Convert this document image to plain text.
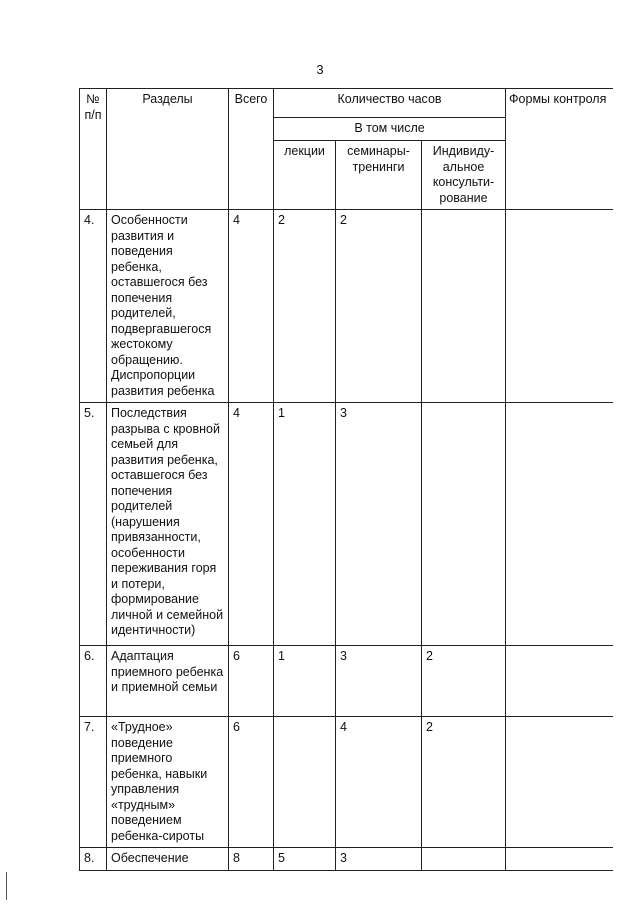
3
№ п/п	Разделы	Всего	Количество часов			Формы контроля
			В том числе			
			лекции	семинары-тренинги	Индивиду-альное консульти-рование	
4.	Особенности развития и поведения ребенка, оставшегося без попечения родителей, подвергавшегося жестокому обращению. Диспропорции развития ребенка	4	2	2		
5.	Последствия разрыва с кровной семьей для развития ребенка, оставшегося без попечения родителей (нарушения привязанности, особенности переживания горя и потери, формирование личной и семейной идентичности)	4	1	3		
6.	Адаптация приемного ребенка и приемной семьи	6	1	3	2	
7.	«Трудное» поведение приемного ребенка, навыки управления «трудным» поведением ребенка-сироты	6		4	2	
8.	Обеспечение	8	5	3		
